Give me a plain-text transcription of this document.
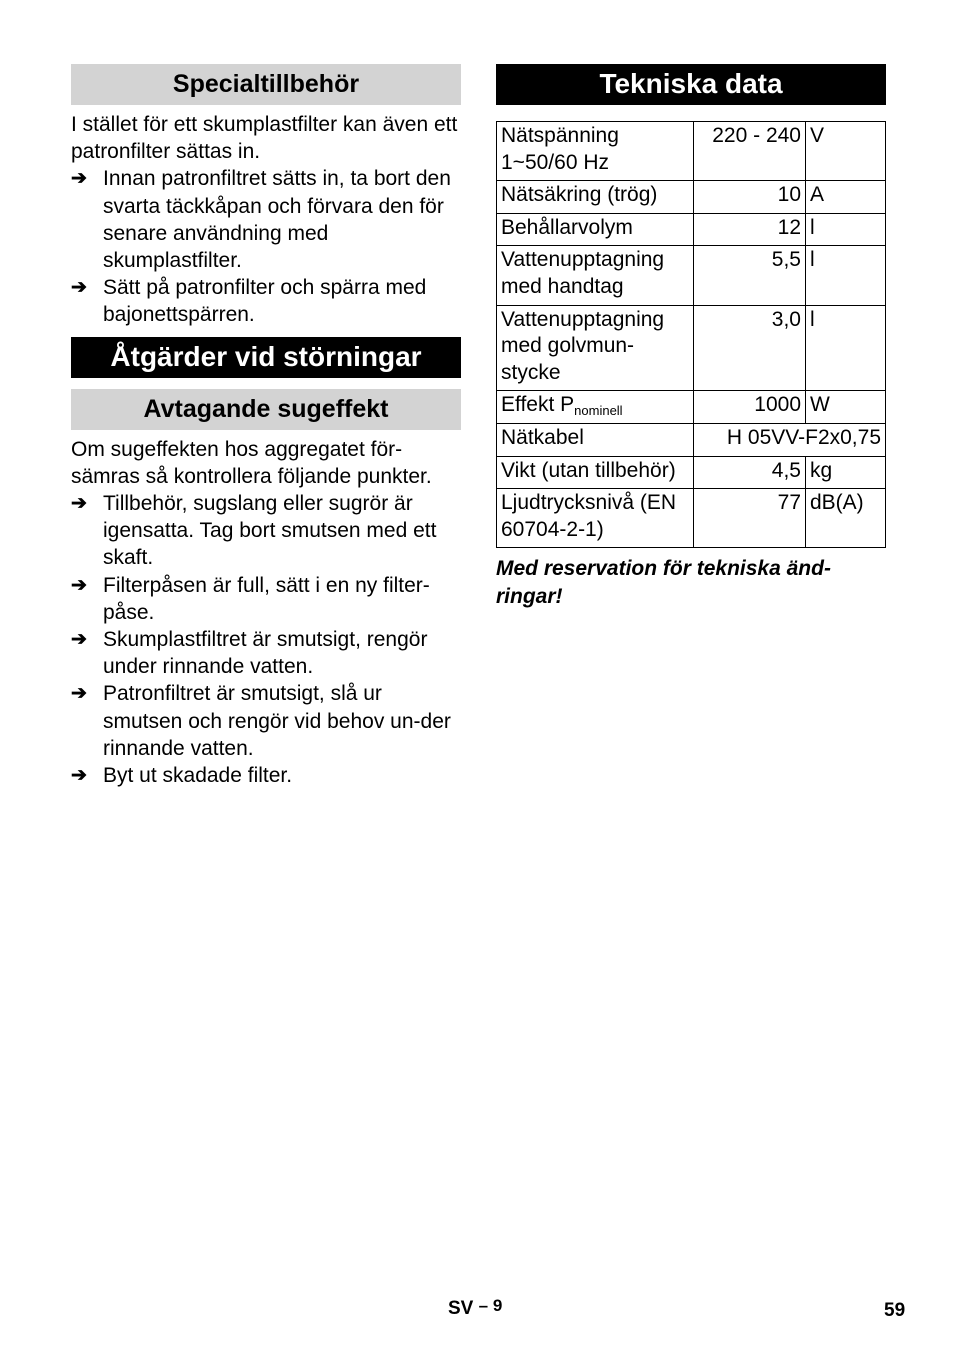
Specialtillbehör

I stället för ett skumplastfilter kan även ett patronfilter sättas in.

➔ Innan patronfiltret sätts in, ta bort den svarta täckkåpan och förvara den för senare användning med skumplastfilter.
➔ Sätt på patronfilter och spärra med bajonettspärren.
Åtgärder vid störningar
Avtagande sugeffekt

Om sugeffekten hos aggregatet för-sämras så kontrollera följande punkter.

➔ Tillbehör, sugslang eller sugrör är igensatta. Tag bort smutsen med ett skaft.
➔ Filterpåsen är full, sätt i en ny filter-påse.
➔ Skumplastfiltret är smutsigt, rengör under rinnande vatten.
➔ Patronfiltret är smutsigt, slå ur smutsen och rengör vid behov un-der rinnande vatten.
➔ Byt ut skadade filter.
Tekniska data
Nätspänning 1~50/60 Hz	220 - 240	V
Nätsäkring (trög)	10	A
Behållarvolym	12	l
Vattenupptagning med handtag	5,5	l
Vattenupptagning med golvmun-stycke	3,0	l
Effekt $P_{nominell}$	1000	W
Nätkabel	H 05VV-F2x0,75	
Vikt (utan tillbehör)	4,5	kg
Ljudtrycksnivå (EN 60704-2-1)	77	dB(A)

Med reservation för tekniska änd-ringar!

SV – 9	59
